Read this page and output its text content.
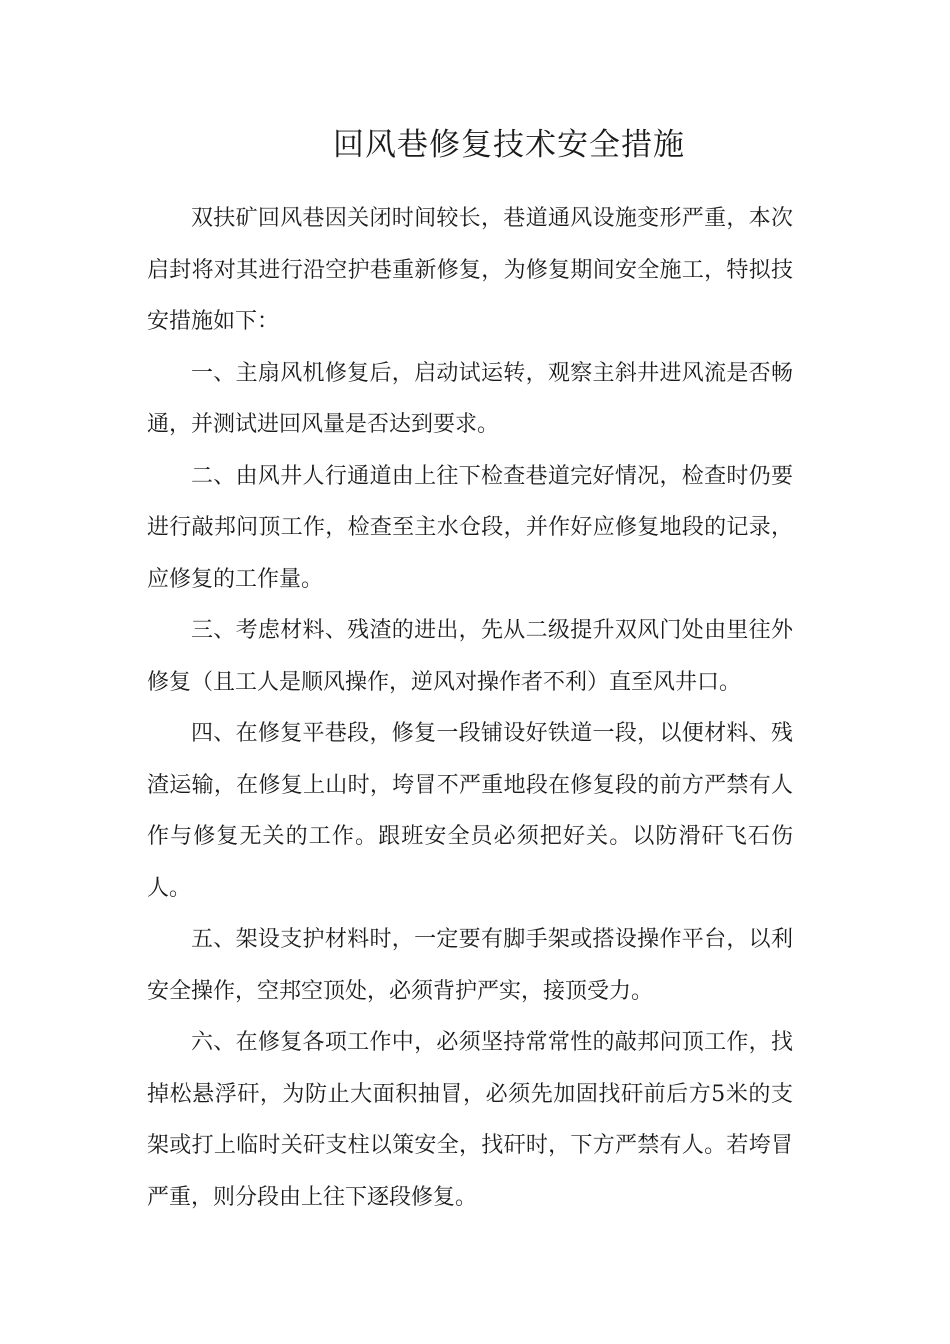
回风巷修复技术安全措施

双扶矿回风巷因关闭时间较长，巷道通风设施变形严重，本次启封将对其进行沿空护巷重新修复，为修复期间安全施工，特拟技安措施如下：

一、主扇风机修复后，启动试运转，观察主斜井进风流是否畅通，并测试进回风量是否达到要求。

二、由风井人行通道由上往下检查巷道完好情况，检查时仍要进行敲邦问顶工作，检查至主水仓段，并作好应修复地段的记录，应修复的工作量。

三、考虑材料、残渣的进出，先从二级提升双风门处由里往外修复（且工人是顺风操作，逆风对操作者不利）直至风井口。

四、在修复平巷段，修复一段铺设好铁道一段，以便材料、残渣运输，在修复上山时，垮冒不严重地段在修复段的前方严禁有人作与修复无关的工作。跟班安全员必须把好关。以防滑矸飞石伤人。

五、架设支护材料时，一定要有脚手架或搭设操作平台，以利安全操作，空邦空顶处，必须背护严实，接顶受力。

六、在修复各项工作中，必须坚持常常性的敲邦问顶工作，找掉松悬浮矸，为防止大面积抽冒，必须先加固找矸前后方5米的支架或打上临时关矸支柱以策安全，找矸时，下方严禁有人。若垮冒严重，则分段由上往下逐段修复。
